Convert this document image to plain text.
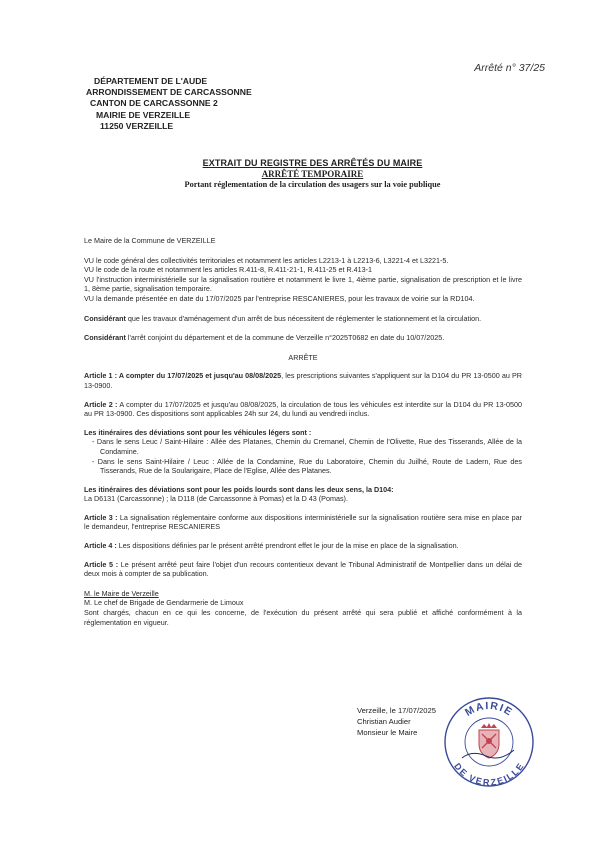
Arrêté n° 37/25
DÉPARTEMENT DE L'AUDE
ARRONDISSEMENT DE CARCASSONNE
CANTON DE CARCASSONNE 2
MAIRIE DE VERZEILLE
11250 VERZEILLE
EXTRAIT DU REGISTRE DES ARRÊTÉS DU MAIRE
ARRÊTÉ TEMPORAIRE
Portant réglementation de la circulation des usagers sur la voie publique

Le Maire de la Commune de VERZEILLE

VU le code général des collectivités territoriales et notamment les articles L2213-1 à L2213-6, L3221-4 et L3221-5.

VU le code de la route et notamment les articles R.411-8, R.411-21-1, R.411-25 et R.413-1

VU l'instruction interministérielle sur la signalisation routière et notamment le livre 1, 4ième partie, signalisation de prescription et le livre 1, 8ème partie, signalisation temporaire.

VU la demande présentée en date du 17/07/2025 par l'entreprise RESCANIERES, pour les travaux de voirie sur la RD104.

Considérant que les travaux d'aménagement d'un arrêt de bus nécessitent de réglementer le stationnement et la circulation.

Considérant l'arrêt conjoint du département et de la commune de Verzeille n°2025T0682 en date du 10/07/2025.

ARRÊTE

Article 1 : A compter du 17/07/2025 et jusqu'au 08/08/2025, les prescriptions suivantes s'appliquent sur la D104 du PR 13-0500 au PR 13-0900.

Article 2 : A compter du 17/07/2025 et jusqu'au 08/08/2025, la circulation de tous les véhicules est interdite sur la D104 du PR 13-0500 au PR 13-0900. Ces dispositions sont applicables 24h sur 24, du lundi au vendredi inclus.

Les itinéraires des déviations sont pour les véhicules légers sont :

- Dans le sens Leuc / Saint-Hilaire : Allée des Platanes, Chemin du Cremanel, Chemin de l'Olivette, Rue des Tisserands, Allée de la Condamine.

- Dans le sens Saint-Hilaire / Leuc : Allée de la Condamine, Rue du Laboratoire, Chemin du Juilhé, Route de Ladern, Rue des Tisserands, Rue de la Soularigaire, Place de l'Eglise, Allée des Platanes.

Les itinéraires des déviations sont pour les poids lourds sont dans les deux sens, la D104:

La D6131 (Carcassonne) ; la D118 (de Carcassonne à Pomas) et la D 43 (Pomas).

Article 3 : La signalisation réglementaire conforme aux dispositions interministérielle sur la signalisation routière sera mise en place par le demandeur, l'entreprise RESCANIERES

Article 4 : Les dispositions définies par le présent arrêté prendront effet le jour de la mise en place de la signalisation.

Article 5 : Le présent arrêté peut faire l'objet d'un recours contentieux devant le Tribunal Administratif de Montpellier dans un délai de deux mois à compter de sa publication.

M. le Maire de Verzeille

M. Le chef de Brigade de Gendarmerie de Limoux

Sont chargés, chacun en ce qui les concerne, de l'exécution du présent arrêté qui sera publié et affiché conformément à la réglementation en vigueur.

Verzeille, le 17/07/2025
Christian Audier
Monsieur le Maire
MAIRIE
DE VERZEILLE
